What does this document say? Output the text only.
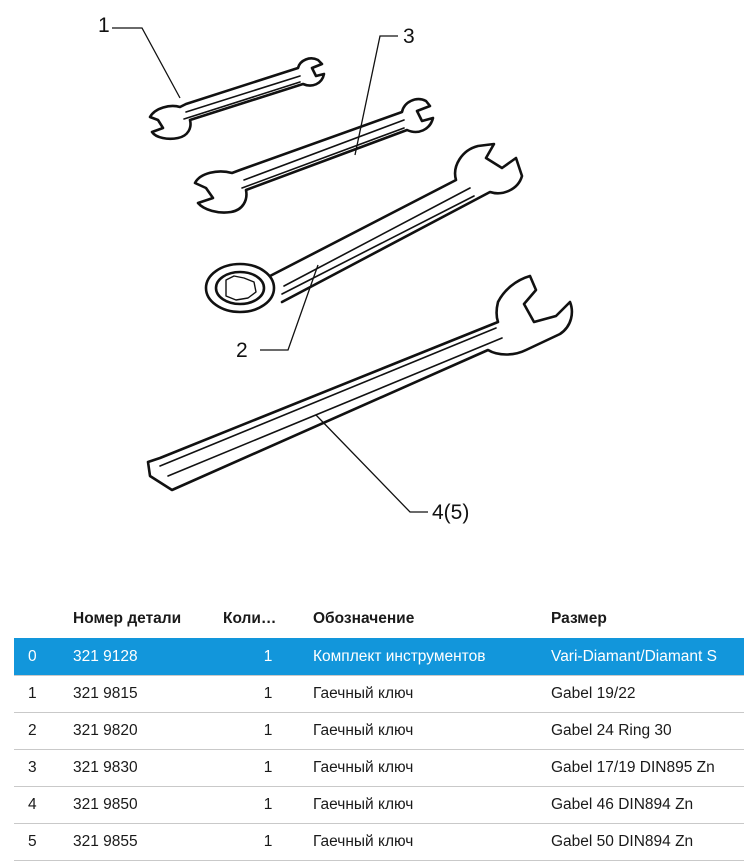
1	3
2
4(5)
	Номер детали	Коли…	Обозначение	Размер
0	321 9128	1	Комплект инструментов	Vari-Diamant/Diamant S
1	321 9815	1	Гаечный ключ	Gabel 19/22
2	321 9820	1	Гаечный ключ	Gabel 24 Ring 30
3	321 9830	1	Гаечный ключ	Gabel 17/19 DIN895 Zn
4	321 9850	1	Гаечный ключ	Gabel 46 DIN894 Zn
5	321 9855	1	Гаечный ключ	Gabel 50 DIN894 Zn
